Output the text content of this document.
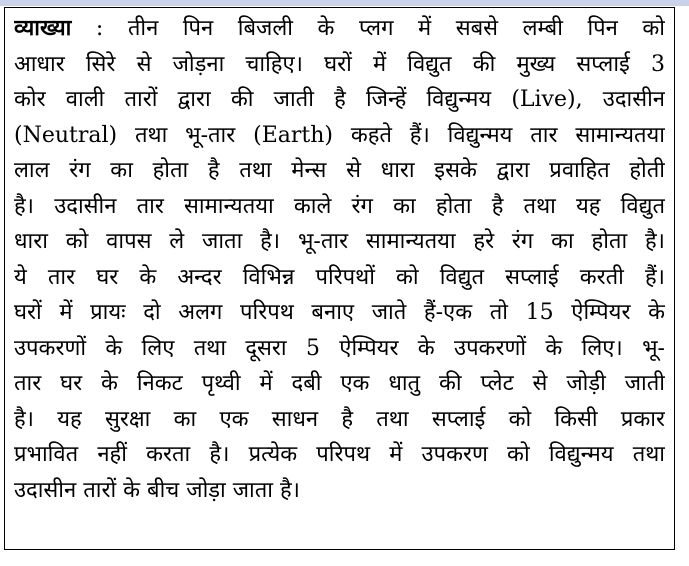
व्याख्या : तीन पिन बिजली के प्लग में सबसे लम्बी पिन को
आधार सिरे से जोड़ना चाहिए। घरों में विद्युत की मुख्य सप्लाई 3
कोर वाली तारों द्वारा की जाती है जिन्हें विद्युन्मय (Live), उदासीन
(Neutral) तथा भू-तार (Earth) कहते हैं। विद्युन्मय तार सामान्यतया
लाल रंग का होता है तथा मेन्स से धारा इसके द्वारा प्रवाहित होती
है। उदासीन तार सामान्यतया काले रंग का होता है तथा यह विद्युत
धारा को वापस ले जाता है। भू-तार सामान्यतया हरे रंग का होता है।
ये तार घर के अन्दर विभिन्न परिपथों को विद्युत सप्लाई करती हैं।
घरों में प्रायः दो अलग परिपथ बनाए जाते हैं-एक तो 15 ऐम्पियर के
उपकरणों के लिए तथा दूसरा 5 ऐम्पियर के उपकरणों के लिए। भू-
तार घर के निकट पृथ्वी में दबी एक धातु की प्लेट से जोड़ी जाती
है। यह सुरक्षा का एक साधन है तथा सप्लाई को किसी प्रकार
प्रभावित नहीं करता है। प्रत्येक परिपथ में उपकरण को विद्युन्मय तथा
उदासीन तारों के बीच जोड़ा जाता है।
